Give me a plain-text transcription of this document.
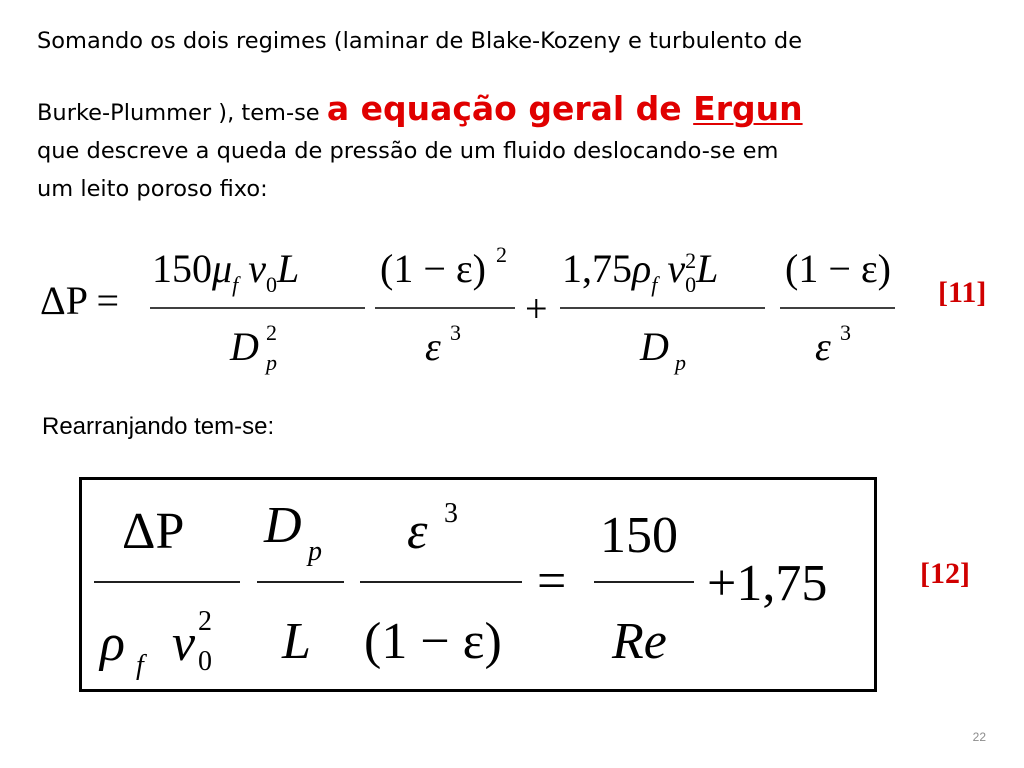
Somando os dois regimes (laminar de Blake-Kozeny e turbulento de
Burke-Plummer ), tem-se a equação geral de Ergun
que descreve a queda de pressão de um fluido deslocando-se em
um leito poroso fixo:
ΔP =
$150\mu_f$ $v_0L$
D 2
p
(1 − ε) 2
ε 3
+
$1,75\rho_f$ $v^2$ 0L
D p
(1 − ε)
ε 3
[11]
Rearranjando tem-se:
ΔP
ρ f v 2
0
D p
L
ε 3
(1 − ε)
=
150
Re
+1,75	[12]
22
